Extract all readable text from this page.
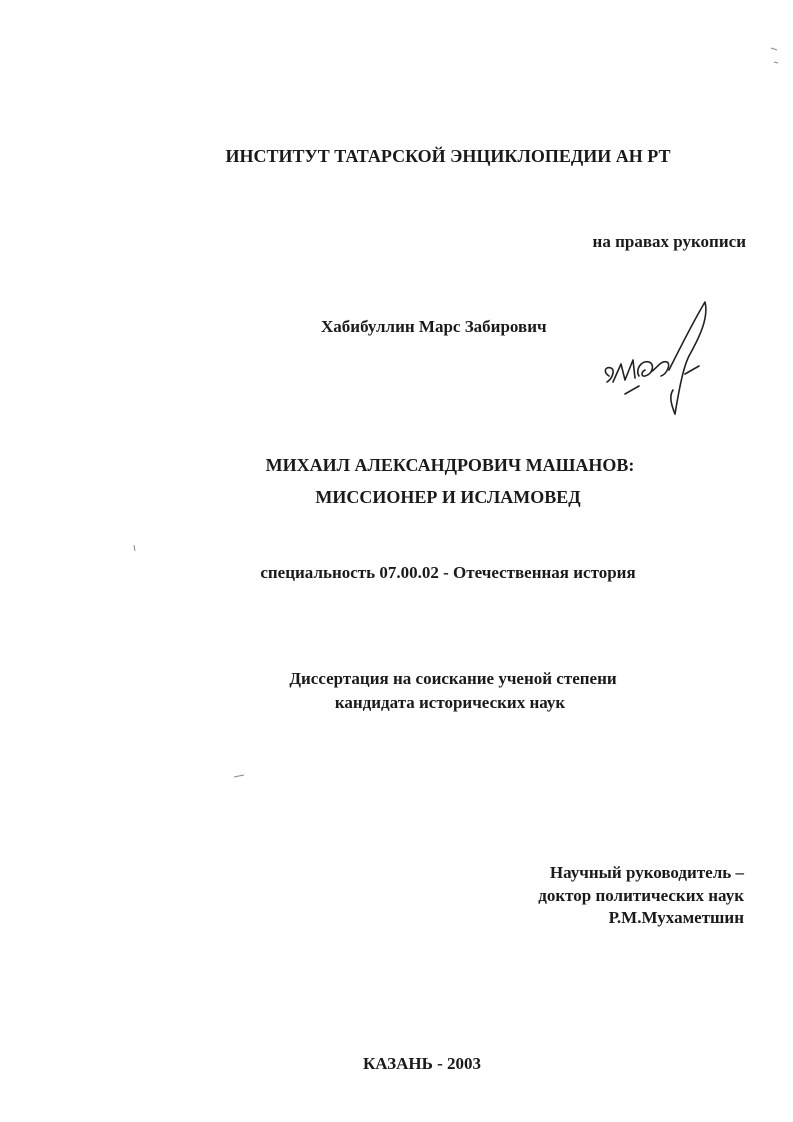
ИНСТИТУТ ТАТАРСКОЙ ЭНЦИКЛОПЕДИИ АН РТ
на правах рукописи
Хабибуллин Марс Забирович
МИХАИЛ АЛЕКСАНДРОВИЧ МАШАНОВ:
МИССИОНЕР И ИСЛАМОВЕД
специальность 07.00.02 - Отечественная история
Диссертация на соискание ученой степени
кандидата исторических наук
Научный руководитель –
доктор политических наук
Р.М.Мухаметшин
КАЗАНЬ - 2003
